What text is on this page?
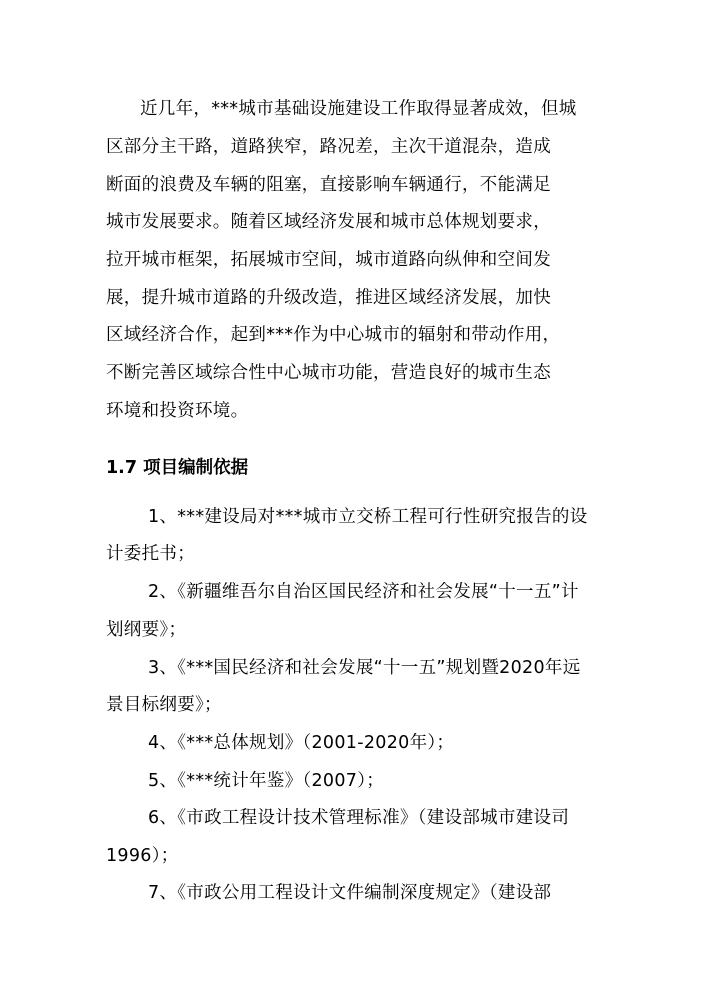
近几年，***城市基础设施建设工作取得显著成效，但城
区部分主干路，道路狭窄，路况差，主次干道混杂，造成
断面的浪费及车辆的阻塞，直接影响车辆通行，不能满足
城市发展要求。随着区域经济发展和城市总体规划要求，
拉开城市框架，拓展城市空间，城市道路向纵伸和空间发
展，提升城市道路的升级改造，推进区域经济发展，加快
区域经济合作，起到***作为中心城市的辐射和带动作用，
不断完善区域综合性中心城市功能，营造良好的城市生态
环境和投资环境。
1.7 项目编制依据
1、***建设局对***城市立交桥工程可行性研究报告的设
计委托书；
2、《新疆维吾尔自治区国民经济和社会发展“十一五”计
划纲要》；
3、《***国民经济和社会发展“十一五”规划暨2020年远
景目标纲要》；
4、《***总体规划》（2001-2020年）；
5、《***统计年鉴》（2007）；
6、《市政工程设计技术管理标准》（建设部城市建设司
1996）；
7、《市政公用工程设计文件编制深度规定》（建设部
